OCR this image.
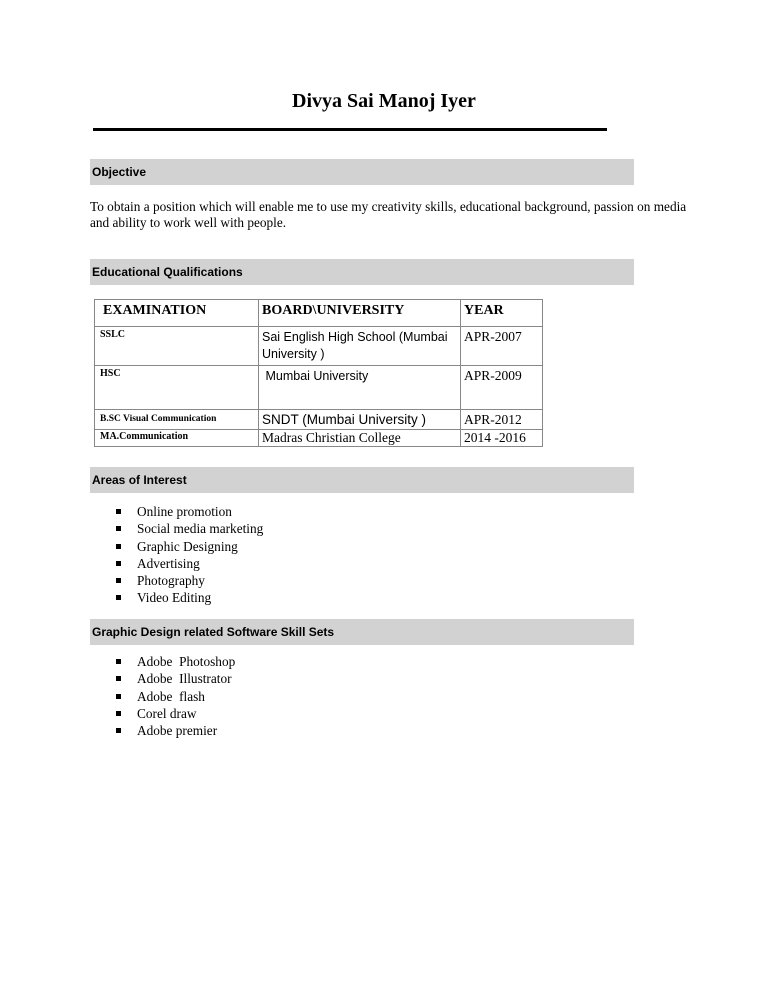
Divya Sai Manoj Iyer
Objective
To obtain a position which will enable me to use my creativity skills, educational background, passion on media and ability to work well with people.
Educational Qualifications
EXAMINATION	BOARD\UNIVERSITY	YEAR
SSLC	Sai English High School (Mumbai University )	APR-2007
HSC	Mumbai University	APR-2009
B.SC Visual Communication	SNDT (Mumbai University )	APR-2012
MA.Communication	Madras Christian College	2014 -2016
Areas of Interest
Online promotion
Social media marketing
Graphic Designing
Advertising
Photography
Video Editing
Graphic Design related Software Skill Sets
Adobe  Photoshop
Adobe  Illustrator
Adobe  flash
Corel draw
Adobe premier
